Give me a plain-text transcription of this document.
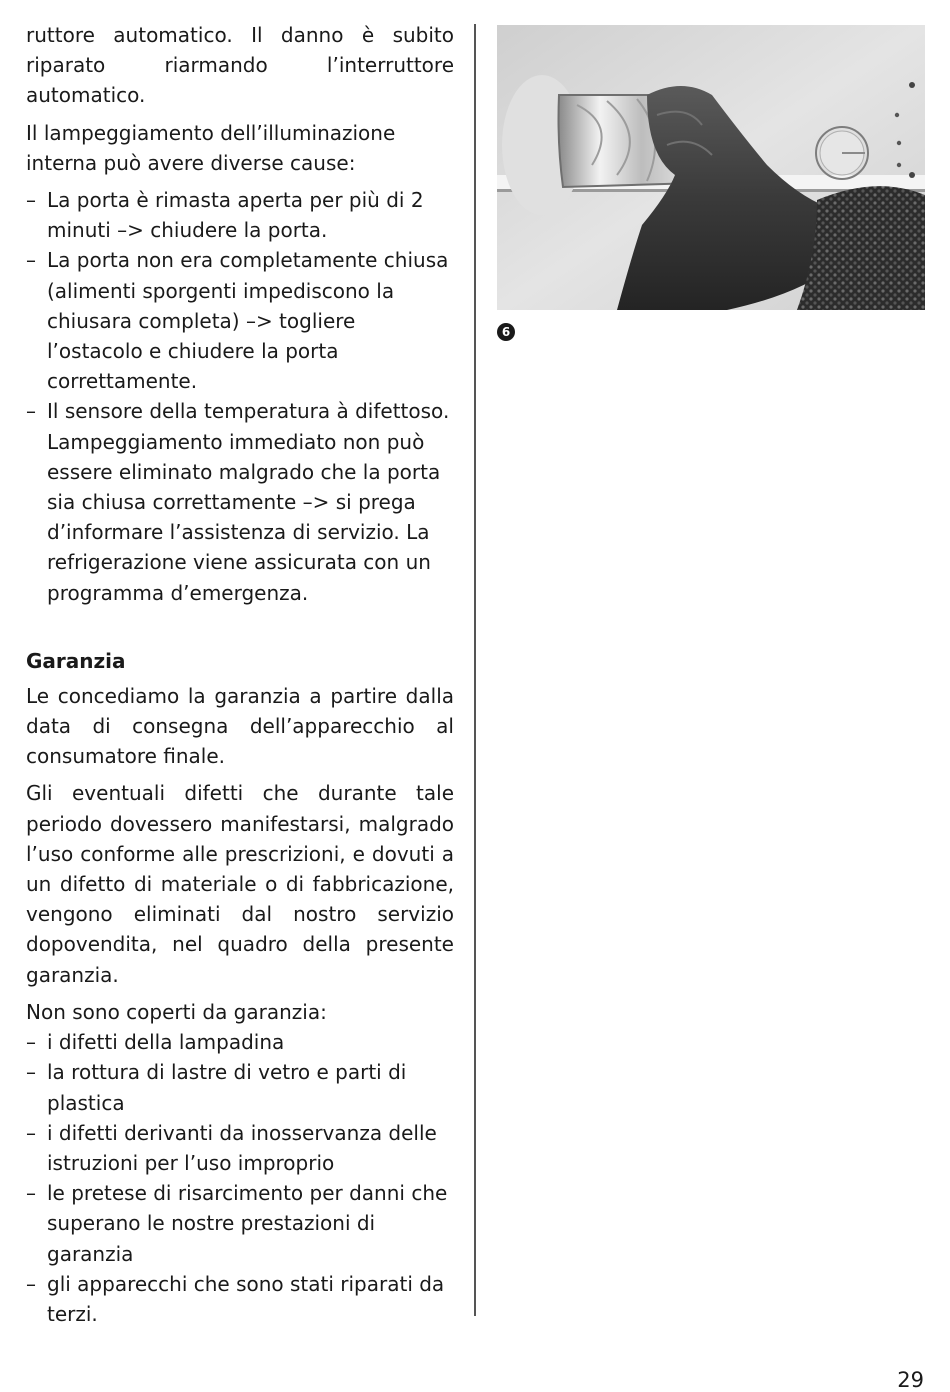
ruttore automatico. Il danno è subito riparato riarmando l’interruttore automatico.

Il lampeggiamento dell’illuminazione interna può avere diverse cause:

– La porta è rimasta aperta per più di 2 minuti –> chiudere la porta.
– La porta non era completamente chiusa (alimenti sporgenti impediscono la chiusara completa) –> togliere l’ostacolo e chiudere la porta correttamente.
– Il sensore della temperatura à difettoso. Lampeggiamento immediato non può essere eliminato malgrado che la porta sia chiusa correttamente –> si prega d’informare l’assistenza di servizio. La refrigerazione viene assicurata con un programma d’emergenza.
Garanzia

Le concediamo la garanzia a partire dalla data di consegna dell’apparecchio al consumatore finale.

Gli eventuali difetti che durante tale periodo dovessero manifestarsi, malgrado l’uso conforme alle prescrizioni, e dovuti a un difetto di materiale o di fabbricazione, vengono eliminati dal nostro servizio dopovendita, nel quadro della presente garanzia.

Non sono coperti da garanzia:

– i difetti della lampadina
– la rottura di lastre di vetro e parti di plastica
– i difetti derivanti da inosservanza delle istruzioni per l’uso improprio
– le pretese di risarcimento per danni che superano le nostre prestazioni di garanzia
– gli apparecchi che sono stati riparati da terzi.
6
29
